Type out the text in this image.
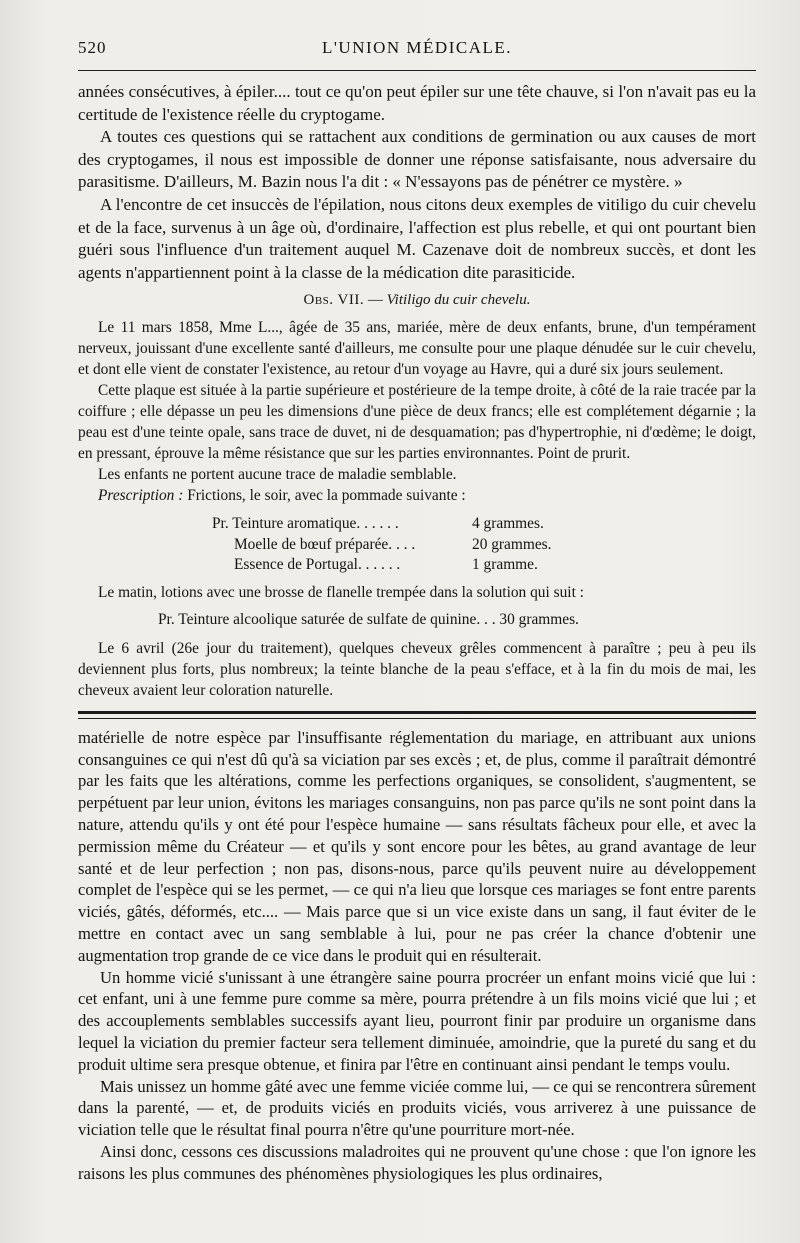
520	L'UNION MÉDICALE.

années consécutives, à épiler.... tout ce qu'on peut épiler sur une tête chauve, si l'on n'avait pas eu la certitude de l'existence réelle du cryptogame.

A toutes ces questions qui se rattachent aux conditions de germination ou aux causes de mort des cryptogames, il nous est impossible de donner une réponse satisfaisante, nous adversaire du parasitisme. D'ailleurs, M. Bazin nous l'a dit : « N'essayons pas de pénétrer ce mystère. »

A l'encontre de cet insuccès de l'épilation, nous citons deux exemples de vitiligo du cuir chevelu et de la face, survenus à un âge où, d'ordinaire, l'affection est plus rebelle, et qui ont pourtant bien guéri sous l'influence d'un traitement auquel M. Cazenave doit de nombreux succès, et dont les agents n'appartiennent point à la classe de la médication dite parasiticide.

Obs. VII. — Vitiligo du cuir chevelu.

Le 11 mars 1858, Mme L..., âgée de 35 ans, mariée, mère de deux enfants, brune, d'un tempérament nerveux, jouissant d'une excellente santé d'ailleurs, me consulte pour une plaque dénudée sur le cuir chevelu, et dont elle vient de constater l'existence, au retour d'un voyage au Havre, qui a duré six jours seulement.

Cette plaque est située à la partie supérieure et postérieure de la tempe droite, à côté de la raie tracée par la coiffure ; elle dépasse un peu les dimensions d'une pièce de deux francs; elle est complétement dégarnie ; la peau est d'une teinte opale, sans trace de duvet, ni de desquamation; pas d'hypertrophie, ni d'œdème; le doigt, en pressant, éprouve la même résistance que sur les parties environnantes. Point de prurit.

Les enfants ne portent aucune trace de maladie semblable.

Prescription : Frictions, le soir, avec la pommade suivante :

Pr. Teinture aromatique. . . . . .	4 grammes.
Moelle de bœuf préparée. . . .	20 grammes.
Essence de Portugal. . . . . .	1 gramme.

Le matin, lotions avec une brosse de flanelle trempée dans la solution qui suit :

Pr. Teinture alcoolique saturée de sulfate de quinine. . . 30 grammes.

Le 6 avril (26e jour du traitement), quelques cheveux grêles commencent à paraître ; peu à peu ils deviennent plus forts, plus nombreux; la teinte blanche de la peau s'efface, et à la fin du mois de mai, les cheveux avaient leur coloration naturelle.

matérielle de notre espèce par l'insuffisante réglementation du mariage, en attribuant aux unions consanguines ce qui n'est dû qu'à sa viciation par ses excès ; et, de plus, comme il paraîtrait démontré par les faits que les altérations, comme les perfections organiques, se consolident, s'augmentent, se perpétuent par leur union, évitons les mariages consanguins, non pas parce qu'ils ne sont point dans la nature, attendu qu'ils y ont été pour l'espèce humaine — sans résultats fâcheux pour elle, et avec la permission même du Créateur — et qu'ils y sont encore pour les bêtes, au grand avantage de leur santé et de leur perfection ; non pas, disons-nous, parce qu'ils peuvent nuire au développement complet de l'espèce qui se les permet, — ce qui n'a lieu que lorsque ces mariages se font entre parents viciés, gâtés, déformés, etc.... — Mais parce que si un vice existe dans un sang, il faut éviter de le mettre en contact avec un sang semblable à lui, pour ne pas créer la chance d'obtenir une augmentation trop grande de ce vice dans le produit qui en résulterait.

Un homme vicié s'unissant à une étrangère saine pourra procréer un enfant moins vicié que lui : cet enfant, uni à une femme pure comme sa mère, pourra prétendre à un fils moins vicié que lui ; et des accouplements semblables successifs ayant lieu, pourront finir par produire un organisme dans lequel la viciation du premier facteur sera tellement diminuée, amoindrie, que la pureté du sang et du produit ultime sera presque obtenue, et finira par l'être en continuant ainsi pendant le temps voulu.

Mais unissez un homme gâté avec une femme viciée comme lui, — ce qui se rencontrera sûrement dans la parenté, — et, de produits viciés en produits viciés, vous arriverez à une puissance de viciation telle que le résultat final pourra n'être qu'une pourriture mort-née.

Ainsi donc, cessons ces discussions maladroites qui ne prouvent qu'une chose : que l'on ignore les raisons les plus communes des phénomènes physiologiques les plus ordinaires,
